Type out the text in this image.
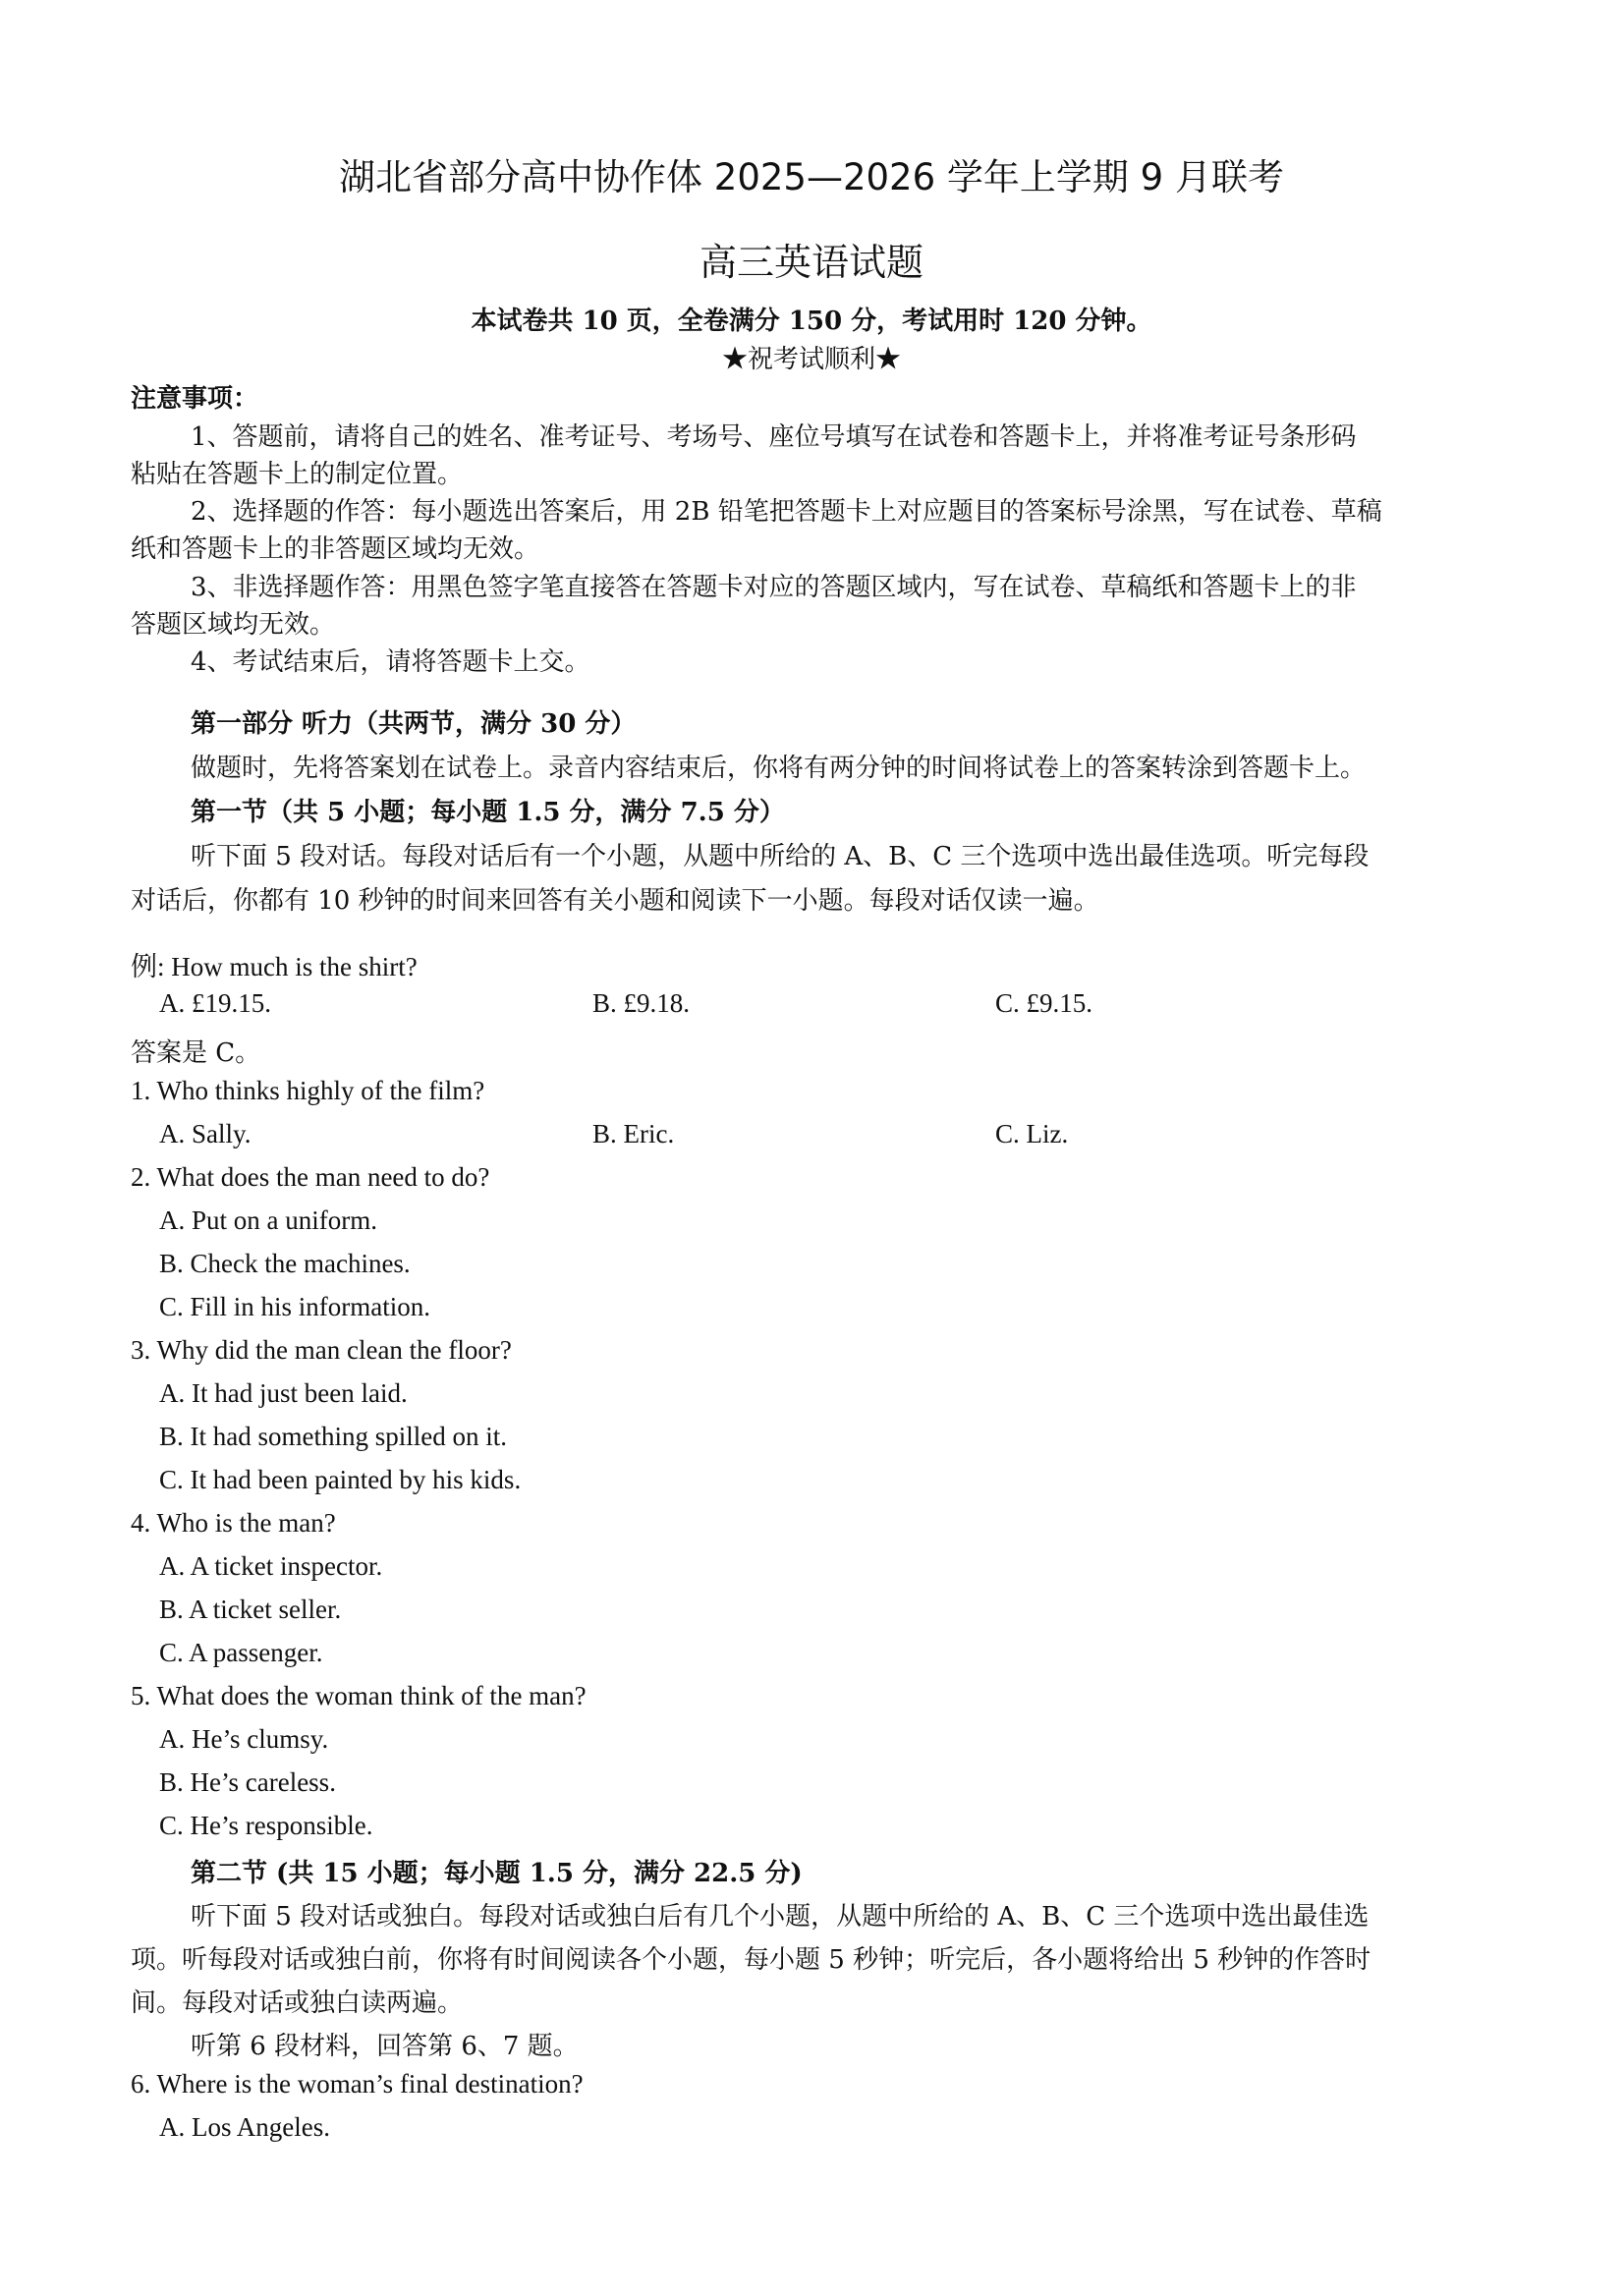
湖北省部分高中协作体 2025—2026 学年上学期 9 月联考
高三英语试题
本试卷共 10 页，全卷满分 150 分，考试用时 120 分钟。
★祝考试顺利★
注意事项：
1、答题前，请将自己的姓名、准考证号、考场号、座位号填写在试卷和答题卡上，并将准考证号条形码
粘贴在答题卡上的制定位置。
2、选择题的作答：每小题选出答案后，用 2B 铅笔把答题卡上对应题目的答案标号涂黑，写在试卷、草稿
纸和答题卡上的非答题区域均无效。
3、非选择题作答：用黑色签字笔直接答在答题卡对应的答题区域内，写在试卷、草稿纸和答题卡上的非
答题区域均无效。
4、考试结束后，请将答题卡上交。
第一部分 听力（共两节，满分 30 分）
做题时，先将答案划在试卷上。录音内容结束后，你将有两分钟的时间将试卷上的答案转涂到答题卡上。
第一节（共 5 小题；每小题 1.5 分，满分 7.5 分）
听下面 5 段对话。每段对话后有一个小题，从题中所给的 A、B、C 三个选项中选出最佳选项。听完每段
对话后，你都有 10 秒钟的时间来回答有关小题和阅读下一小题。每段对话仅读一遍。
例: How much is the shirt?
A. £19.15.	B. £9.18.	C. £9.15.
答案是 C。
1. Who thinks highly of the film?
A. Sally.	B. Eric.	C. Liz.
2. What does the man need to do?
A. Put on a uniform.
B. Check the machines.
C. Fill in his information.
3. Why did the man clean the floor?
A. It had just been laid.
B. It had something spilled on it.
C. It had been painted by his kids.
4. Who is the man?
A. A ticket inspector.
B. A ticket seller.
C. A passenger.
5. What does the woman think of the man?
A. He’s clumsy.
B. He’s careless.
C. He’s responsible.
第二节 (共 15 小题；每小题 1.5 分，满分 22.5 分)
听下面 5 段对话或独白。每段对话或独白后有几个小题，从题中所给的 A、B、C 三个选项中选出最佳选
项。听每段对话或独白前，你将有时间阅读各个小题，每小题 5 秒钟；听完后，各小题将给出 5 秒钟的作答时
间。每段对话或独白读两遍。
听第 6 段材料，回答第 6、7 题。
6. Where is the woman’s final destination?
A. Los Angeles.
